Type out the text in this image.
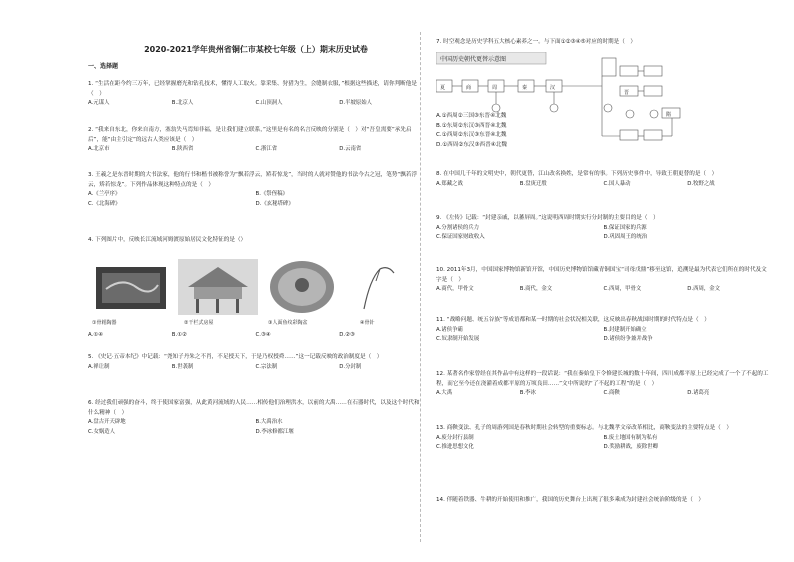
2020-2021学年贵州省铜仁市某校七年级（上）期末历史试卷
一、选择题
1. “生活在距今约三万年，已经掌握磨光和钻孔技术，懂得人工取火。靠采集、狩猎为生，会缝制衣服，”根据这些描述，请你判断他是（　）
A.元谋人	B.北京人	C.山顶洞人	D.半坡原始人
2. “我来自东北，你来自南方，塞翁失马焉知非福，是让我们建立联系，”这里是有名的名言反映的分别是（　）对“吾皇需要”承先启后”，能“由主引定”的远古人类应该是（　）
A.北京市	B.陕西省	C.浙江省	D.云南省
3. 王羲之是东晋时期的大书法家，他的行书和楷书被称誉为“飘若浮云，矫若惊龙”，当时的人就对赞他的书法今古之冠，笔势“飘若浮云，矫若惊龙”。下列作品体现这种特点的是（　）
A.《兰亭序》	B.《祭侄稿》
C.《北海碑》	D.《玄秘塔碑》
4. 下列图片中，反映长江流域河姆渡原始居民文化特征的是（）
①骨耜陶器	②干栏式房屋	③人面鱼纹彩陶盆	④骨针
A.①④	B.①②	C.③④	D.②③
5. 《史记·五帝本纪》中记载：“尧知子丹朱之不肖，不足授天下，于是乃权授舜……”这一记载反映的政治制度是（　）
A.禅让制	B.世袭制	C.宗法制	D.分封制
6. 经过我们顽强的奋斗，终于使国家富强，从此黄河流域的人民……相传他们治理洪水，以前的大禹……在石器时代，以及这个时代和什么精神（　）
A.盘古开天辟地	B.大禹治水
C.女娲造人	D.李冰修都江堰
7. 时空观念是历史学科五大核心素养之一。与下面①②③④⑤对应的时期是（　）
中国历史朝代更替示意图
夏	商	周	秦	汉
晋
隋
A.①西周②三国③东晋④北魏
B.①东周②东汉③西晋④北魏
C.①西周②东汉③东晋④北魏
D.①西周②东汉③西晋④北魏
8. 在中国几千年的文明史中，朝代更替，江山改名换姓，是常有的事。下列历史事件中，导致王朝更替的是（　）
A.郑藏之战	B.盘庚迁殷	C.国人暴动	D.牧野之战
9. 《左传》记载：“封建亲戚，以蕃屏周。”这说明西周时期实行分封制的主要目的是（　）
A.分割诸侯的兵力	B.保证国家的兵源
C.保证国家财政收入	D.巩固周王的统治
10. 2011年3月，中国国家博物馆新馆开馆，中国历史博物馆馆藏青铜国宝“司母戊鼎”移至这馆，追溯是最为代表它们所在的时代及文字是（　）
A.商代，甲骨文	B.商代，金文	C.西周，甲骨文	D.西周，金文
11. “战略问题、统五谷族”等成语都和某一时期的社会状况相关联，这反映出春秋战国时期的时代特点是（　）
A.诸侯争霸	B.封建制开始确立
C.奴隶制开始发展	D.诸侯纷争兼并战争
12. 某著名作家曾经在其作品中有这样的一段话说：“我在秦始皇下令修建长城的数十年间，四川成都平原上已经完成了一个了不起的工程，而它至今还在浇灌着成都平原的万顷良田……”文中所说的“了不起的工程”的是（　）
A.大禹	B.李冰	C.商鞅	D.诸葛亮
13. 商鞅变法、孔子的周游列国是春秋时期社会转型的重要标志。与北魏孝文帝改革相比，商鞅变法的主要特点是（　）
A.废分封行县制	B.废土地国有制为私有
C.推进思想文化	D.奖励耕战，废除世卿
14. 伴随着铁器、牛耕的开始使用和推广，我国的历史舞台上出现了很多乘成为封建社会统治阶级的是（　）
